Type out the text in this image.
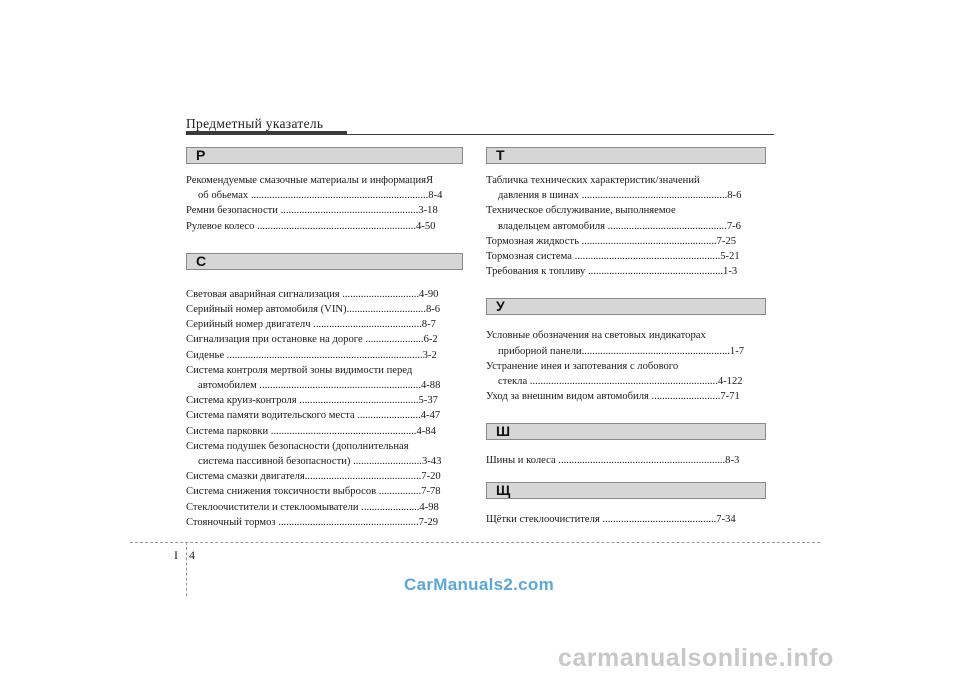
Предметный указатель
Р

Рекомендуемые смазочные материалы и информацияЯ

об обьемах ...................................................................8-4

Ремни безопасности ....................................................3-18

Рулевое колесо ............................................................4-50

С

Световая аварийная сигнализация .............................4-90

Серийный номер автомобиля (VIN)..............................8-6

Серийный номер двигателч .........................................8-7

Сигнализация при остановке на дороге ......................6-2

Сиденье ..........................................................................3-2

Система контроля мертвой зоны видимости перед

автомобилем .............................................................4-88

Система круиз-контроля .............................................5-37

Система памяти водительского места ........................4-47

Система парковки .......................................................4-84

Система подушек безопасности (дополнительная

система пассивной безопасности) ..........................3-43

Система смазки двигателя............................................7-20

Система снижения токсичности выбросов ................7-78

Стеклоочистители и стеклоомыватели ......................4-98

Стояночный тормоз .....................................................7-29

Т

Табличка технических характеристик/значений

давления в шинах .......................................................8-6

Техническое обслуживание, выполняемое

владельцем автомобиля .............................................7-6

Тормозная жидкость ...................................................7-25

Тормозная система .......................................................5-21

Требования к топливу ...................................................1-3

У

Условные обозначения на световых индикаторах

приборной панели........................................................1-7

Устранение инея и запотевания с лобового

стекла .......................................................................4-122

Уход за внешним видом автомобиля ..........................7-71

Ш

Шины и колеса ...............................................................8-3

Щ

Щётки стеклоочистителя ...........................................7-34

I 4
CarManuals2.com
carmanualsonline.info
